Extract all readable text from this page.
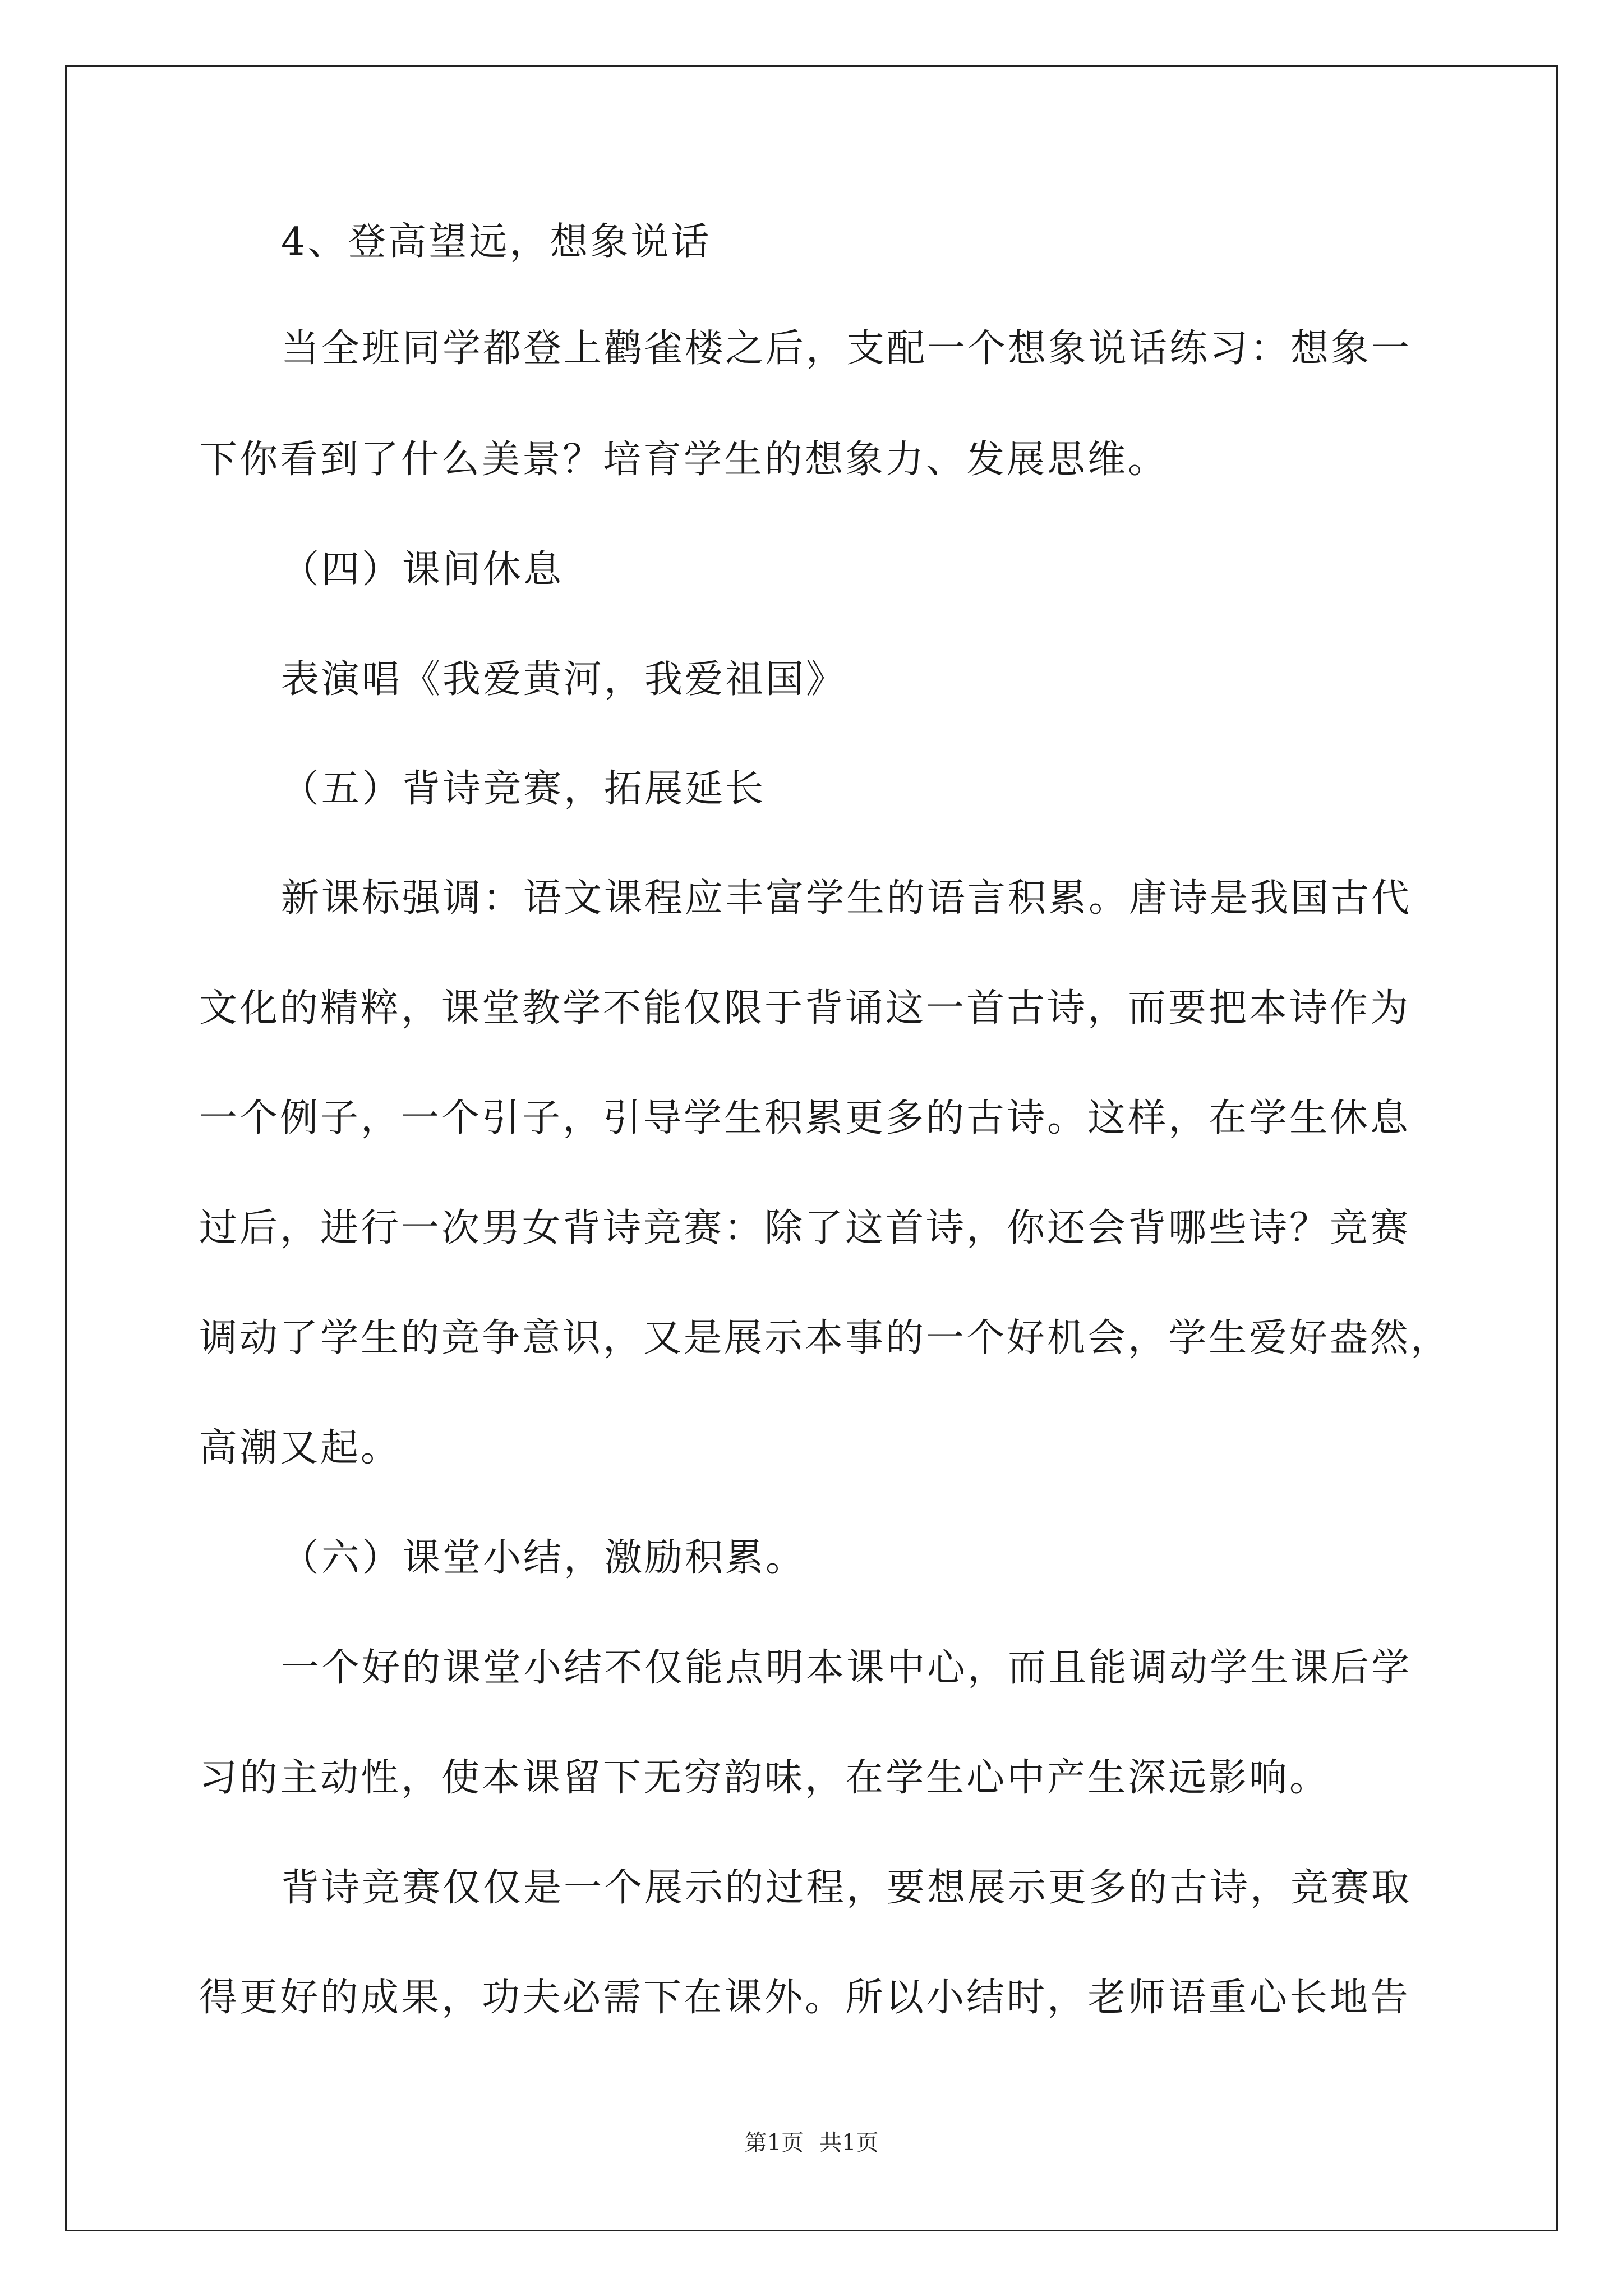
4、登高望远，想象说话
当全班同学都登上鹳雀楼之后，支配一个想象说话练习：想象一
下你看到了什么美景？培育学生的想象力、发展思维。
（四）课间休息
表演唱《我爱黄河，我爱祖国》
（五）背诗竞赛，拓展延长
新课标强调：语文课程应丰富学生的语言积累。唐诗是我国古代
文化的精粹，课堂教学不能仅限于背诵这一首古诗，而要把本诗作为
一个例子，一个引子，引导学生积累更多的古诗。这样，在学生休息
过后，进行一次男女背诗竞赛：除了这首诗，你还会背哪些诗？竞赛
调动了学生的竞争意识，又是展示本事的一个好机会，学生爱好盎然，
高潮又起。
（六）课堂小结，激励积累。
一个好的课堂小结不仅能点明本课中心，而且能调动学生课后学
习的主动性，使本课留下无穷韵味，在学生心中产生深远影响。
背诗竞赛仅仅是一个展示的过程，要想展示更多的古诗，竞赛取
得更好的成果，功夫必需下在课外。所以小结时，老师语重心长地告
第1页 共1页
